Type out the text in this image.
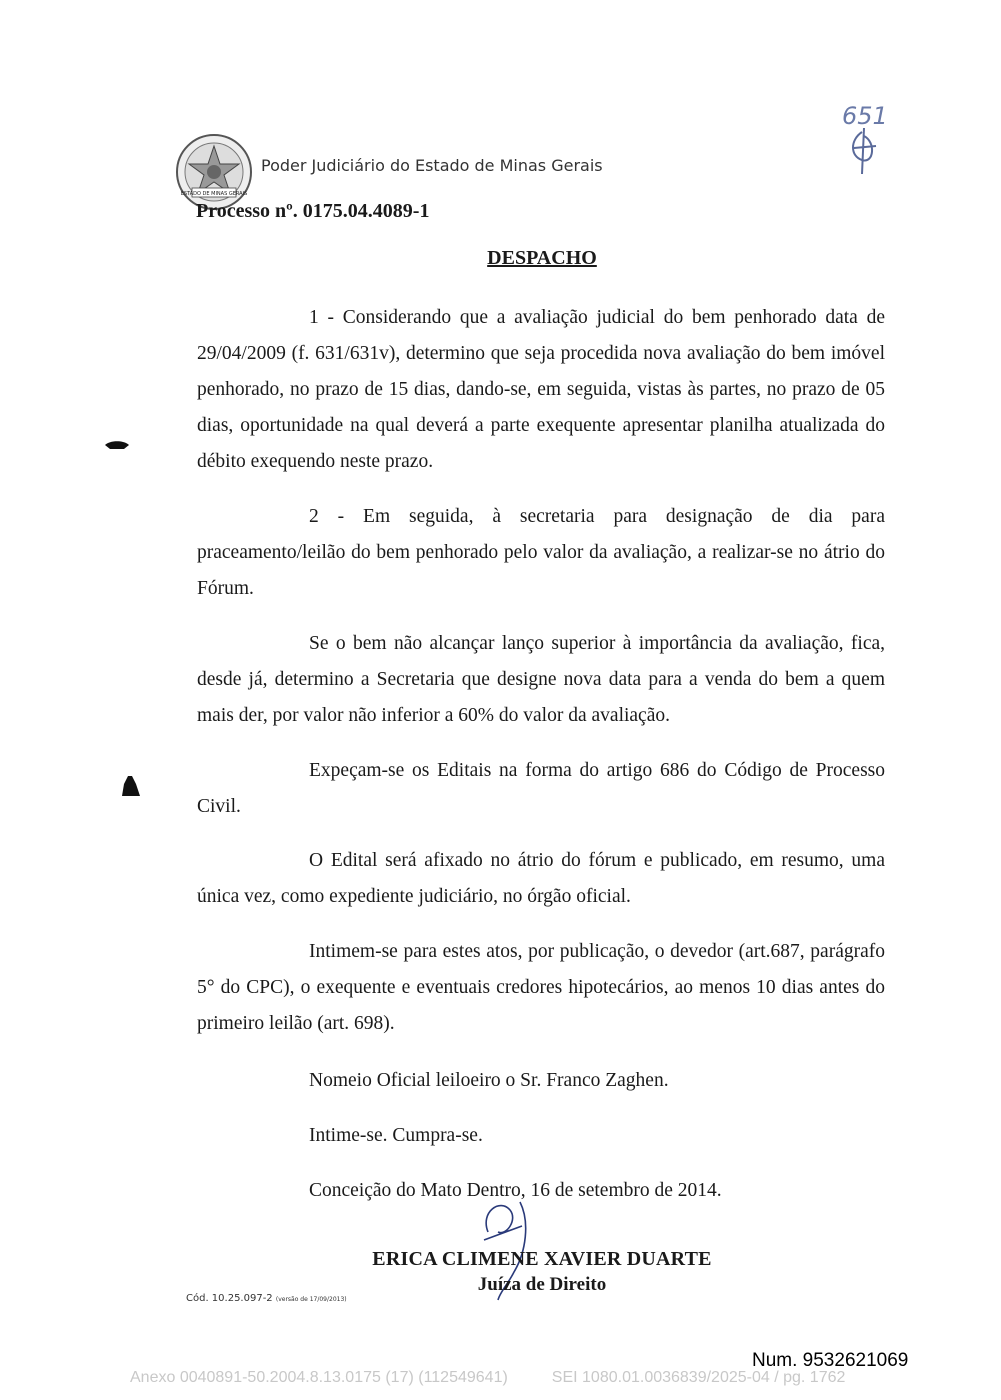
ESTADO DE MINAS GERAIS
Poder Judiciário do Estado de Minas Gerais
651
Processo nº. 0175.04.4089-1
DESPACHO
1 - Considerando que a avaliação judicial do bem penhorado data de 29/04/2009 (f. 631/631v), determino que seja procedida nova avaliação do bem imóvel penhorado, no prazo de 15 dias, dando-se, em seguida, vistas às partes, no prazo de 05 dias, oportunidade na qual deverá a parte exequente apresentar planilha atualizada do débito exequendo neste prazo.
2 - Em seguida, à secretaria para designação de dia para praceamento/leilão do bem penhorado pelo valor da avaliação, a realizar-se no átrio do Fórum.
Se o bem não alcançar lanço superior à importância da avaliação, fica, desde já, determino a Secretaria que designe nova data para a venda do bem a quem mais der, por valor não inferior a 60% do valor da avaliação.
Expeçam-se os Editais na forma do artigo 686 do Código de Processo Civil.
O Edital será afixado no átrio do fórum e publicado, em resumo, uma única vez, como expediente judiciário, no órgão oficial.
Intimem-se para estes atos, por publicação, o devedor (art.687, parágrafo 5° do CPC), o exequente e eventuais credores hipotecários, ao menos 10 dias antes do primeiro leilão (art. 698).
Nomeio Oficial leiloeiro o Sr. Franco Zaghen.
Intime-se. Cumpra-se.
Conceição do Mato Dentro, 16 de setembro de 2014.
ERICA CLIMENE XAVIER DUARTE
Juíza de Direito
Cód. 10.25.097-2 (versão de 17/09/2013)
Num. 9532621069
Anexo 0040891-50.2004.8.13.0175 (17) (112549641)	SEI 1080.01.0036839/2025-04 / pg. 1762
